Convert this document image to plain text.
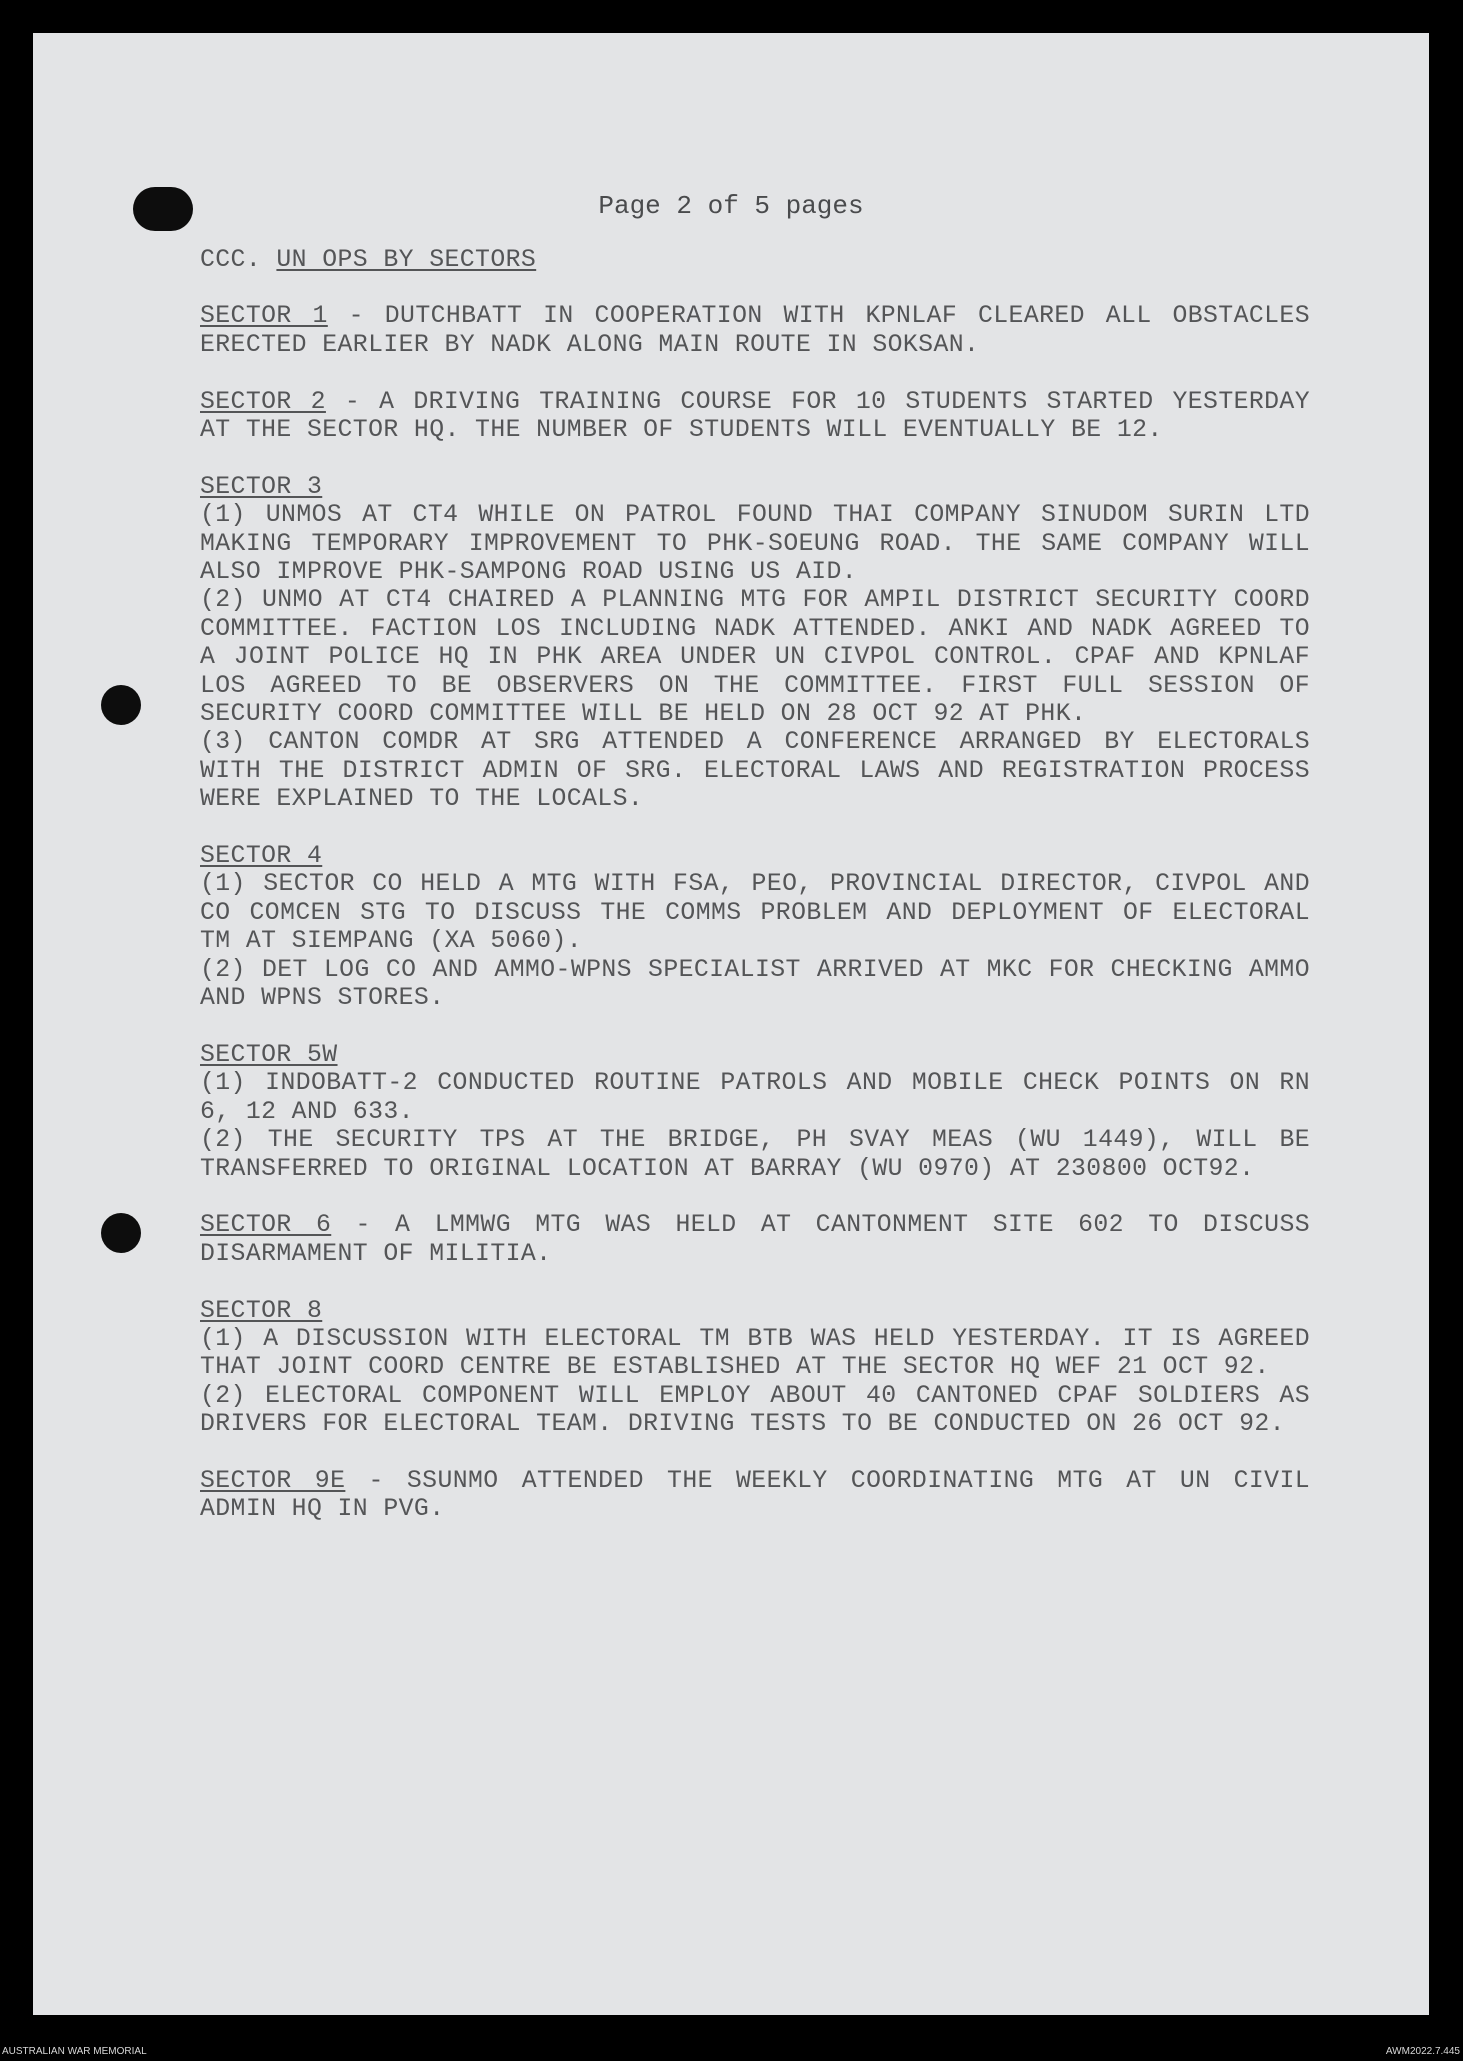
Page 2 of 5 pages

CCC. UN OPS BY SECTORS

SECTOR 1 - DUTCHBATT IN COOPERATION WITH KPNLAF CLEARED ALL OBSTACLES ERECTED EARLIER BY NADK ALONG MAIN ROUTE IN SOKSAN.

SECTOR 2 - A DRIVING TRAINING COURSE FOR 10 STUDENTS STARTED YESTERDAY AT THE SECTOR HQ. THE NUMBER OF STUDENTS WILL EVENTUALLY BE 12.

SECTOR 3

(1) UNMOS AT CT4 WHILE ON PATROL FOUND THAI COMPANY SINUDOM SURIN LTD MAKING TEMPORARY IMPROVEMENT TO PHK-SOEUNG ROAD. THE SAME COMPANY WILL ALSO IMPROVE PHK-SAMPONG ROAD USING US AID.

(2) UNMO AT CT4 CHAIRED A PLANNING MTG FOR AMPIL DISTRICT SECURITY COORD COMMITTEE. FACTION LOS INCLUDING NADK ATTENDED. ANKI AND NADK AGREED TO A JOINT POLICE HQ IN PHK AREA UNDER UN CIVPOL CONTROL. CPAF AND KPNLAF LOS AGREED TO BE OBSERVERS ON THE COMMITTEE. FIRST FULL SESSION OF SECURITY COORD COMMITTEE WILL BE HELD ON 28 OCT 92 AT PHK.

(3) CANTON COMDR AT SRG ATTENDED A CONFERENCE ARRANGED BY ELECTORALS WITH THE DISTRICT ADMIN OF SRG. ELECTORAL LAWS AND REGISTRATION PROCESS WERE EXPLAINED TO THE LOCALS.

SECTOR 4

(1) SECTOR CO HELD A MTG WITH FSA, PEO, PROVINCIAL DIRECTOR, CIVPOL AND CO COMCEN STG TO DISCUSS THE COMMS PROBLEM AND DEPLOYMENT OF ELECTORAL TM AT SIEMPANG (XA 5060).

(2) DET LOG CO AND AMMO-WPNS SPECIALIST ARRIVED AT MKC FOR CHECKING AMMO AND WPNS STORES.

SECTOR 5W

(1) INDOBATT-2 CONDUCTED ROUTINE PATROLS AND MOBILE CHECK POINTS ON RN 6, 12 AND 633.

(2) THE SECURITY TPS AT THE BRIDGE, PH SVAY MEAS (WU 1449), WILL BE TRANSFERRED TO ORIGINAL LOCATION AT BARRAY (WU 0970) AT 230800 OCT92.

SECTOR 6 - A LMMWG MTG WAS HELD AT CANTONMENT SITE 602 TO DISCUSS DISARMAMENT OF MILITIA.

SECTOR 8

(1) A DISCUSSION WITH ELECTORAL TM BTB WAS HELD YESTERDAY. IT IS AGREED THAT JOINT COORD CENTRE BE ESTABLISHED AT THE SECTOR HQ WEF 21 OCT 92.

(2) ELECTORAL COMPONENT WILL EMPLOY ABOUT 40 CANTONED CPAF SOLDIERS AS DRIVERS FOR ELECTORAL TEAM. DRIVING TESTS TO BE CONDUCTED ON 26 OCT 92.

SECTOR 9E - SSUNMO ATTENDED THE WEEKLY COORDINATING MTG AT UN CIVIL ADMIN HQ IN PVG.

AUSTRALIAN WAR MEMORIAL	AWM2022.7.445
